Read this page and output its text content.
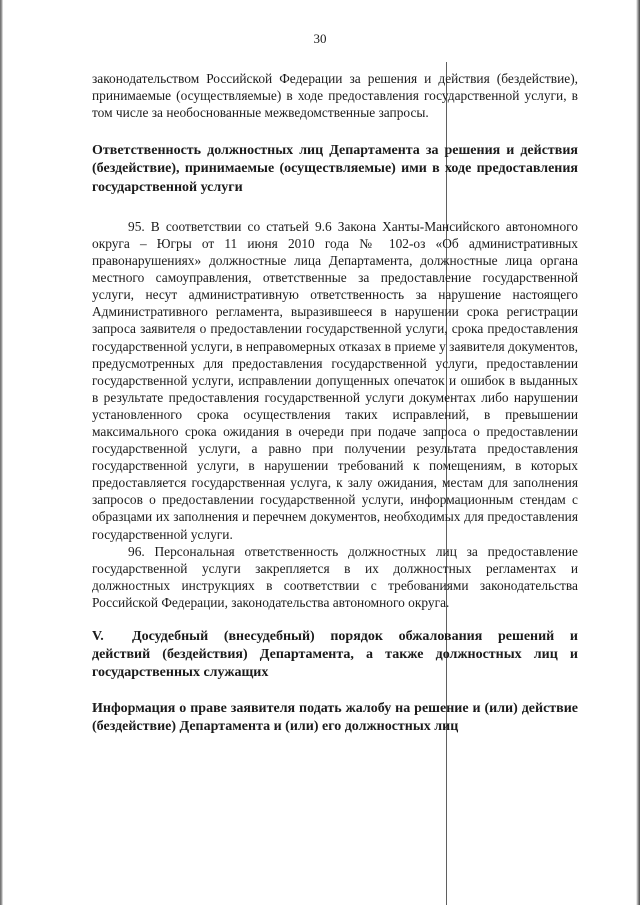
30

законодательством Российской Федерации за решения и действия (бездействие), принимаемые (осуществляемые) в ходе предоставления государственной услуги, в том числе за необоснованные межведомственные запросы.

Ответственность должностных лиц Департамента за решения и действия (бездействие), принимаемые (осуществляемые) ими в ходе предоставления государственной услуги

95. В соответствии со статьей 9.6 Закона Ханты-Мансийского автономного округа – Югры от 11 июня 2010 года № 102-оз «Об административных правонарушениях» должностные лица Департамента, должностные лица органа местного самоуправления, ответственные за предоставление государственной услуги, несут административную ответственность за нарушение настоящего Административного регламента, выразившееся в нарушении срока регистрации запроса заявителя о предоставлении государственной услуги, срока предоставления государственной услуги, в неправомерных отказах в приеме у заявителя документов, предусмотренных для предоставления государственной услуги, предоставлении государственной услуги, исправлении допущенных опечаток и ошибок в выданных в результате предоставления государственной услуги документах либо нарушении установленного срока осуществления таких исправлений, в превышении максимального срока ожидания в очереди при подаче запроса о предоставлении государственной услуги, а равно при получении результата предоставления государственной услуги, в нарушении требований к помещениям, в которых предоставляется государственная услуга, к залу ожидания, местам для заполнения запросов о предоставлении государственной услуги, информационным стендам с образцами их заполнения и перечнем документов, необходимых для предоставления государственной услуги.

96. Персональная ответственность должностных лиц за предоставление государственной услуги закрепляется в их должностных регламентах и должностных инструкциях в соответствии с требованиями законодательства Российской Федерации, законодательства автономного округа.

V. Досудебный (внесудебный) порядок обжалования решений и действий (бездействия) Департамента, а также должностных лиц и государственных служащих

Информация о праве заявителя подать жалобу на решение и (или) действие (бездействие) Департамента и (или) его должностных лиц
